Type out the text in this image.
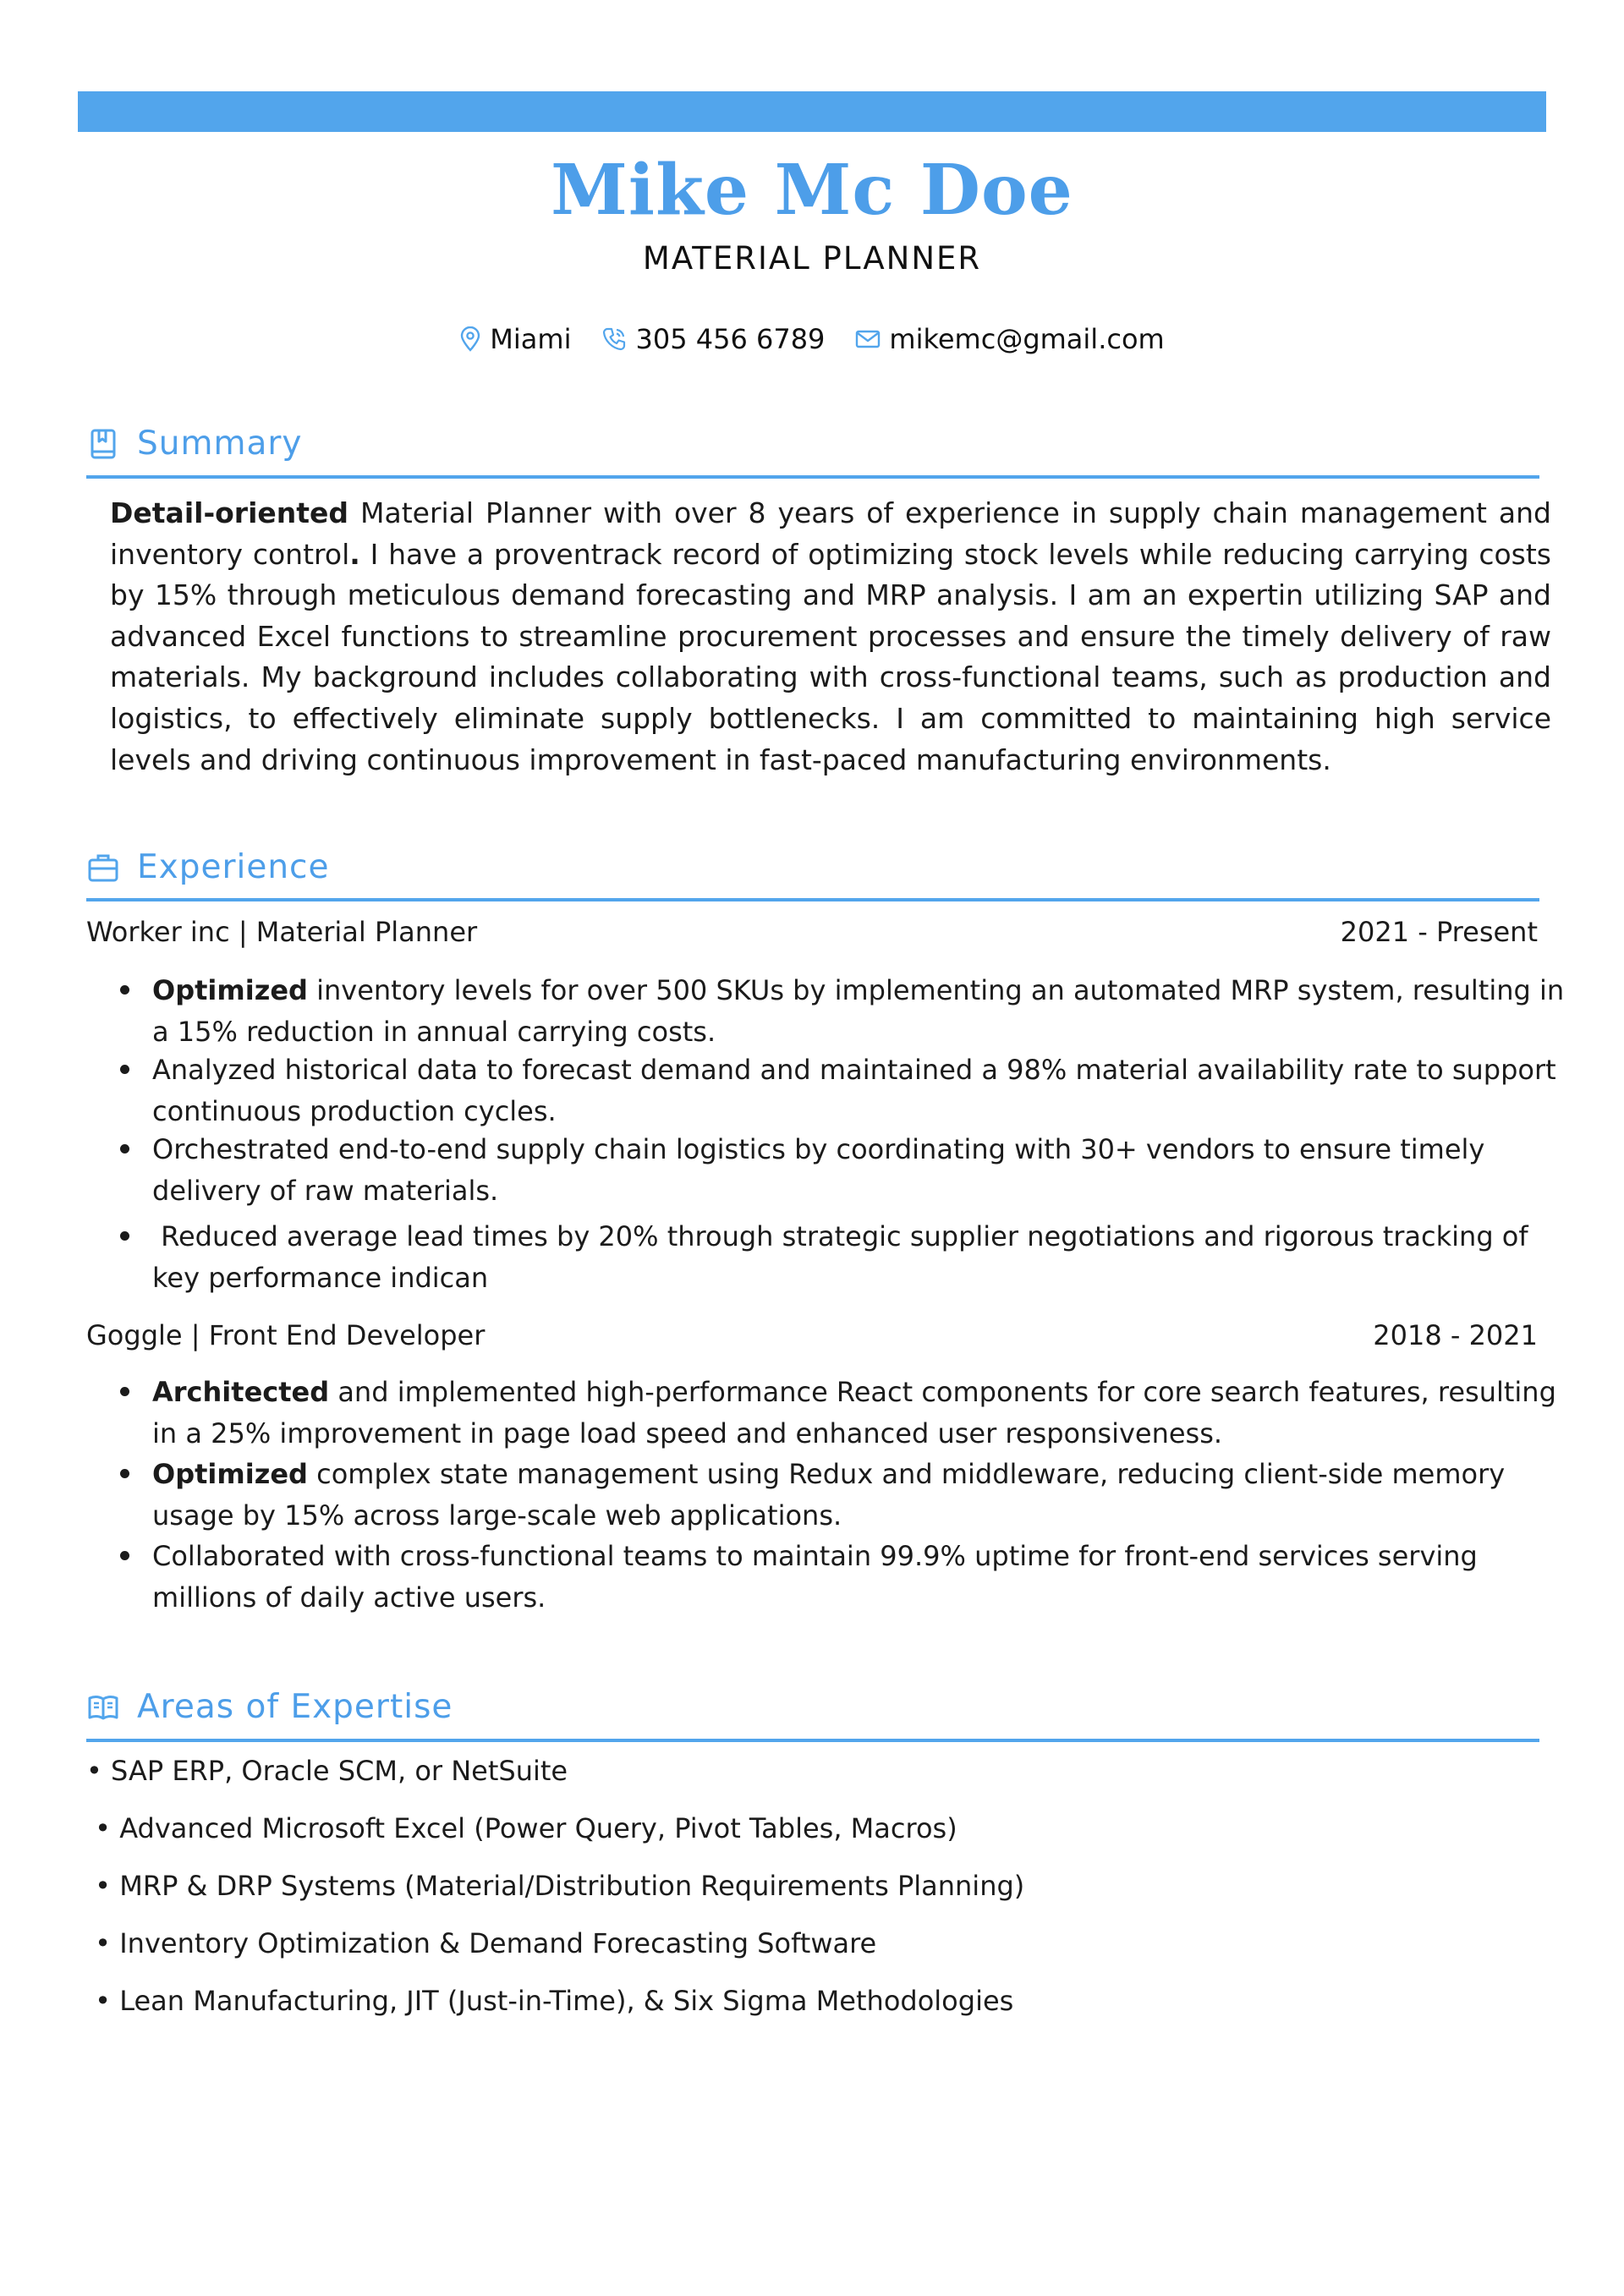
Mike Mc Doe
MATERIAL PLANNER
Miami 305 456 6789 mikemc@gmail.com
Summary

Detail-oriented Material Planner with over 8 years of experience in supply chain management and inventory control. I have a proventrack record of optimizing stock levels while reducing carrying costs by 15% through meticulous demand forecasting and MRP analysis. I am an expertin utilizing SAP and advanced Excel functions to streamline procurement processes and ensure the timely delivery of raw materials. My background includes collaborating with cross-functional teams, such as production and logistics, to effectively eliminate supply bottlenecks. I am committed to maintaining high service levels and driving continuous improvement in fast-paced manufacturing environments.

Experience
Worker inc | Material Planner	2021 - Present
Optimized inventory levels for over 500 SKUs by implementing an automated MRP system, resulting in a 15% reduction in annual carrying costs.
Analyzed historical data to forecast demand and maintained a 98% material availability rate to support continuous production cycles.
Orchestrated end-to-end supply chain logistics by coordinating with 30+ vendors to ensure timely delivery of raw materials.
Reduced average lead times by 20% through strategic supplier negotiations and rigorous tracking of key performance indican
Goggle | Front End Developer	2018 - 2021
Architected and implemented high-performance React components for core search features, resulting in a 25% improvement in page load speed and enhanced user responsiveness.
Optimized complex state management using Redux and middleware, reducing client-side memory usage by 15% across large-scale web applications.
Collaborated with cross-functional teams to maintain 99.9% uptime for front-end services serving millions of daily active users.
Areas of Expertise
• SAP ERP, Oracle SCM, or NetSuite
• Advanced Microsoft Excel (Power Query, Pivot Tables, Macros)
• MRP & DRP Systems (Material/Distribution Requirements Planning)
• Inventory Optimization & Demand Forecasting Software
• Lean Manufacturing, JIT (Just-in-Time), & Six Sigma Methodologies
